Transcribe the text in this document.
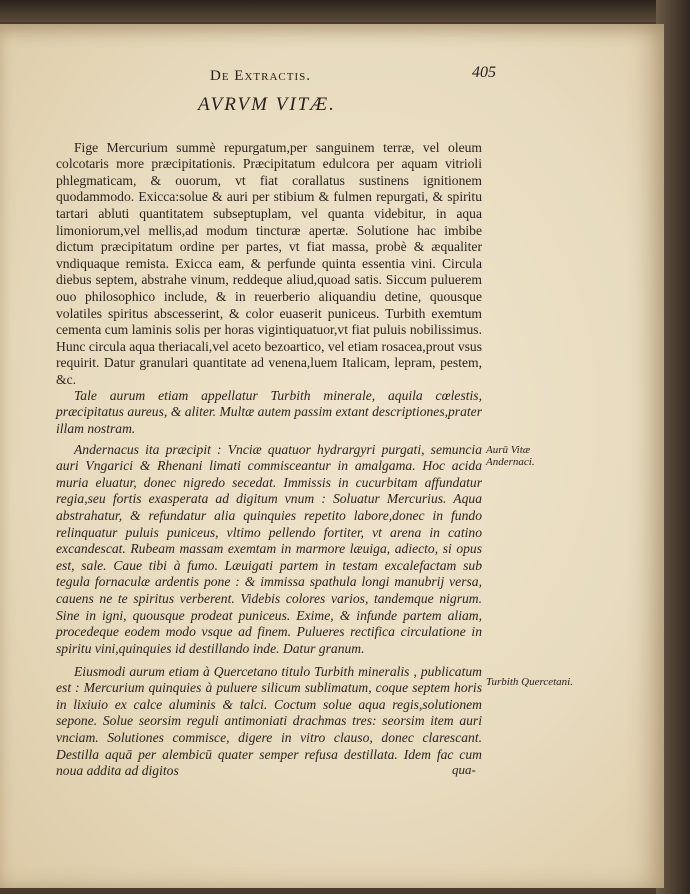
De Extractis.	405
AVRVM VITÆ.

Fige Mercurium summè repurgatum,per sanguinem terræ, vel oleum colcotaris more præcipitationis. Præcipitatum edulcora per aquam vitrioli phlegmaticam, & ouorum, vt fiat corallatus sustinens ignitionem quodammodo. Exicca:solue & auri per stibium & fulmen repurgati, & spiritu tartari abluti quantitatem subseptuplam, vel quanta videbitur, in aqua limoniorum,vel mellis,ad modum tincturæ apertæ. Solutione hac imbibe dictum præcipitatum ordine per partes, vt fiat massa, probè & æqualiter vndiquaque remista. Exicca eam, & perfunde quinta essentia vini. Circula diebus septem, abstrahe vinum, reddeque aliud,quoad satis. Siccum puluerem ouo philosophico include, & in reuerberio aliquandiu detine, quousque volatiles spiritus abscesserint, & color euaserit puniceus. Turbith exemtum cementa cum laminis solis per horas vigintiquatuor,vt fiat puluis nobilissimus. Hunc circula aqua theriacali,vel aceto bezoartico, vel etiam rosacea,prout vsus requirit. Datur granulari quantitate ad venena,luem Italicam, lepram, pestem, &c.

Tale aurum etiam appellatur Turbith minerale, aquila cœlestis, præcipitatus aureus, & aliter. Multæ autem passim extant descriptiones,prater illam nostram.

Andernacus ita præcipit : Vnciæ quatuor hydrargyri purgati, semuncia auri Vngarici & Rhenani limati commisceantur in amalgama. Hoc acida muria eluatur, donec nigredo secedat. Immissis in cucurbitam affundatur regia,seu fortis exasperata ad digitum vnum : Soluatur Mercurius. Aqua abstrahatur, & refundatur alia quinquies repetito labore,donec in fundo relinquatur puluis puniceus, vltimo pellendo fortiter, vt arena in catino excandescat. Rubeam massam exemtam in marmore læuiga, adiecto, si opus est, sale. Caue tibi à fumo. Læuigati partem in testam excalefactam sub tegula fornaculæ ardentis pone : & immissa spathula longi manubrij versa, cauens ne te spiritus verberent. Videbis colores varios, tandemque nigrum. Sine in igni, quousque prodeat puniceus. Exime, & infunde partem aliam, procedeque eodem modo vsque ad finem. Pulueres rectifica circulatione in spiritu vini,quinquies id destillando inde. Datur granum.

Eiusmodi aurum etiam à Quercetano titulo Turbith mineralis , publicatum est : Mercurium quinquies à puluere silicum sublimatum, coque septem horis in lixiuio ex calce aluminis & talci. Coctum solue aqua regis,solutionem sepone. Solue seorsim reguli antimoniati drachmas tres: seorsim item auri vnciam. Solutiones commisce, digere in vitro clauso, donec clarescant. Destilla aquā per alembicū quater semper refusa destillata. Idem fac cum noua addita ad digitos

Aurū Vitæ Andernaci.
Turbith Quercetani.
qua-
